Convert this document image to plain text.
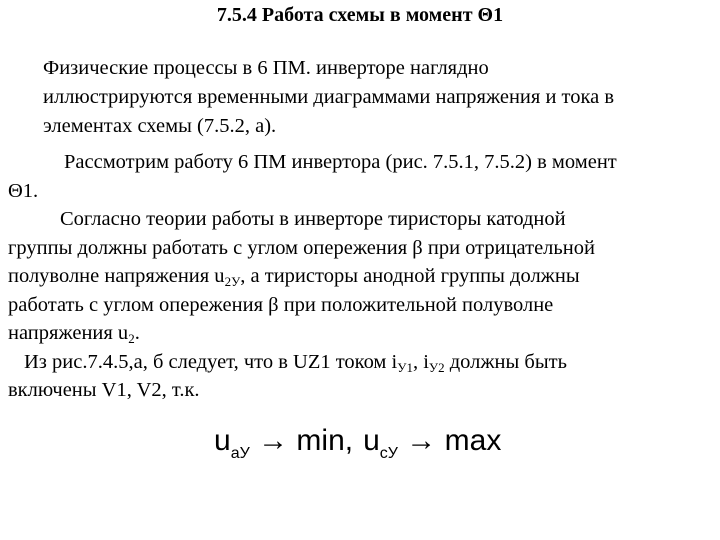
7.5.4 Работа схемы в момент Θ1
Физические процессы в 6 ПМ. инверторе наглядно
иллюстрируются временными диаграммами напряжения и тока в
элементах схемы (7.5.2, а).
Рассмотрим работу 6 ПМ инвертора (рис. 7.5.1, 7.5.2) в момент
Θ1.
Согласно теории работы в инверторе тиристоры катодной
группы должны работать с углом опережения β при отрицательной
полуволне напряжения $u_{2У}$, а тиристоры анодной группы должны
работать с углом опережения β при положительной полуволне
напряжения $u_2$.
Из рис.7.4.5,а, б следует, что в UZ1 током $i_{У1}$, $i_{У2}$ должны быть
включены V1, V2, т.к.
$u_{аУ} \to \min$, $u_{сУ} \to \max$
